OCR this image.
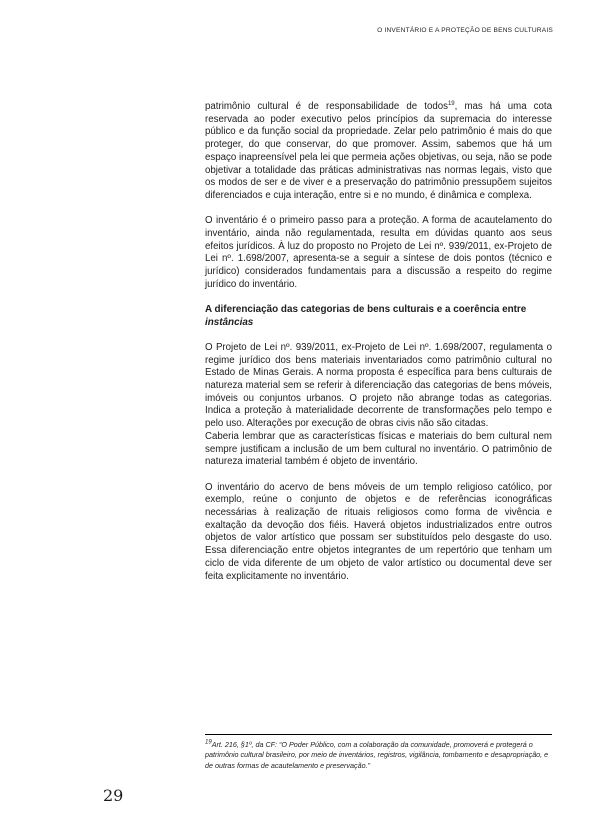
O INVENTÁRIO E A PROTEÇÃO DE BENS CULTURAIS

patrimônio cultural é de responsabilidade de todos$^{19}$, mas há uma cota reservada ao poder executivo pelos princípios da supremacia do interesse público e da função social da propriedade. Zelar pelo patrimônio é mais do que proteger, do que conservar, do que promover. Assim, sabemos que há um espaço inapreensível pela lei que permeia ações objetivas, ou seja, não se pode objetivar a totalidade das práticas administrativas nas normas legais, visto que os modos de ser e de viver e a preservação do patrimônio pressupõem sujeitos diferenciados e cuja interação, entre si e no mundo, é dinâmica e complexa.

O inventário é o primeiro passo para a proteção. A forma de acautelamento do inventário, ainda não regulamentada, resulta em dúvidas quanto aos seus efeitos jurídicos. À luz do proposto no Projeto de Lei nº. 939/2011, ex-Projeto de Lei nº. 1.698/2007, apresenta-se a seguir a síntese de dois pontos (técnico e jurídico) considerados fundamentais para a discussão a respeito do regime jurídico do inventário.

A diferenciação das categorias de bens culturais e a coerência entre
instâncias

O Projeto de Lei nº. 939/2011, ex-Projeto de Lei nº. 1.698/2007, regulamenta o regime jurídico dos bens materiais inventariados como patrimônio cultural no Estado de Minas Gerais. A norma proposta é específica para bens culturais de natureza material sem se referir à diferenciação das categorias de bens móveis, imóveis ou conjuntos urbanos. O projeto não abrange todas as categorias. Indica a proteção à materialidade decorrente de transformações pelo tempo e pelo uso. Alterações por execução de obras civis não são citadas.

Caberia lembrar que as características físicas e materiais do bem cultural nem sempre justificam a inclusão de um bem cultural no inventário. O patrimônio de natureza imaterial também é objeto de inventário.

O inventário do acervo de bens móveis de um templo religioso católico, por exemplo, reúne o conjunto de objetos e de referências iconográficas necessárias à realização de rituais religiosos como forma de vivência e exaltação da devoção dos fiéis. Haverá objetos industrializados entre outros objetos de valor artístico que possam ser substituídos pelo desgaste do uso. Essa diferenciação entre objetos integrantes de um repertório que tenham um ciclo de vida diferente de um objeto de valor artístico ou documental deve ser feita explicitamente no inventário.

$^{19}$Art. 216, §1º, da CF: “O Poder Público, com a colaboração da comunidade, promoverá e protegerá o patrimônio cultural brasileiro, por meio de inventários, registros, vigilância, tombamento e desapropriação, e de outras formas de acautelamento e preservação.”
29
